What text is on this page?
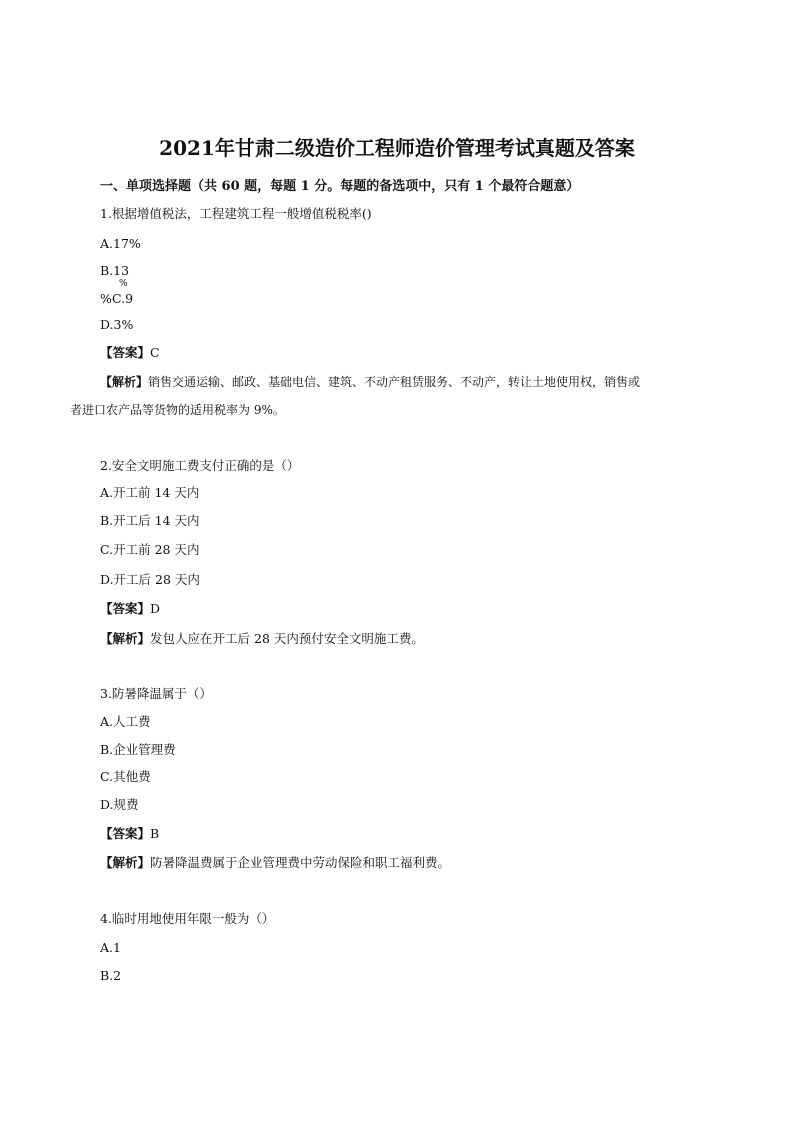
2021年甘肃二级造价工程师造价管理考试真题及答案
一、单项选择题（共 60 题，每题 1 分。每题的备选项中，只有 1 个最符合题意）
1.根据增值税法，工程建筑工程一般增值税税率()
A.17%
B.13
%
% C.9
D.3%
【答案】C
【解析】销售交通运输、邮政、基础电信、建筑、不动产租赁服务、不动产，转让土地使用权，销售或
者进口农产品等货物的适用税率为 9%。
2.安全文明施工费支付正确的是（）
A.开工前 14 天内
B.开工后 14 天内
C.开工前 28 天内
D.开工后 28 天内
【答案】D
【解析】发包人应在开工后 28 天内预付安全文明施工费。
3.防暑降温属于（）
A.人工费
B.企业管理费
C.其他费
D.规费
【答案】B
【解析】防暑降温费属于企业管理费中劳动保险和职工福利费。
4.临时用地使用年限一般为（）
A.1
B.2
